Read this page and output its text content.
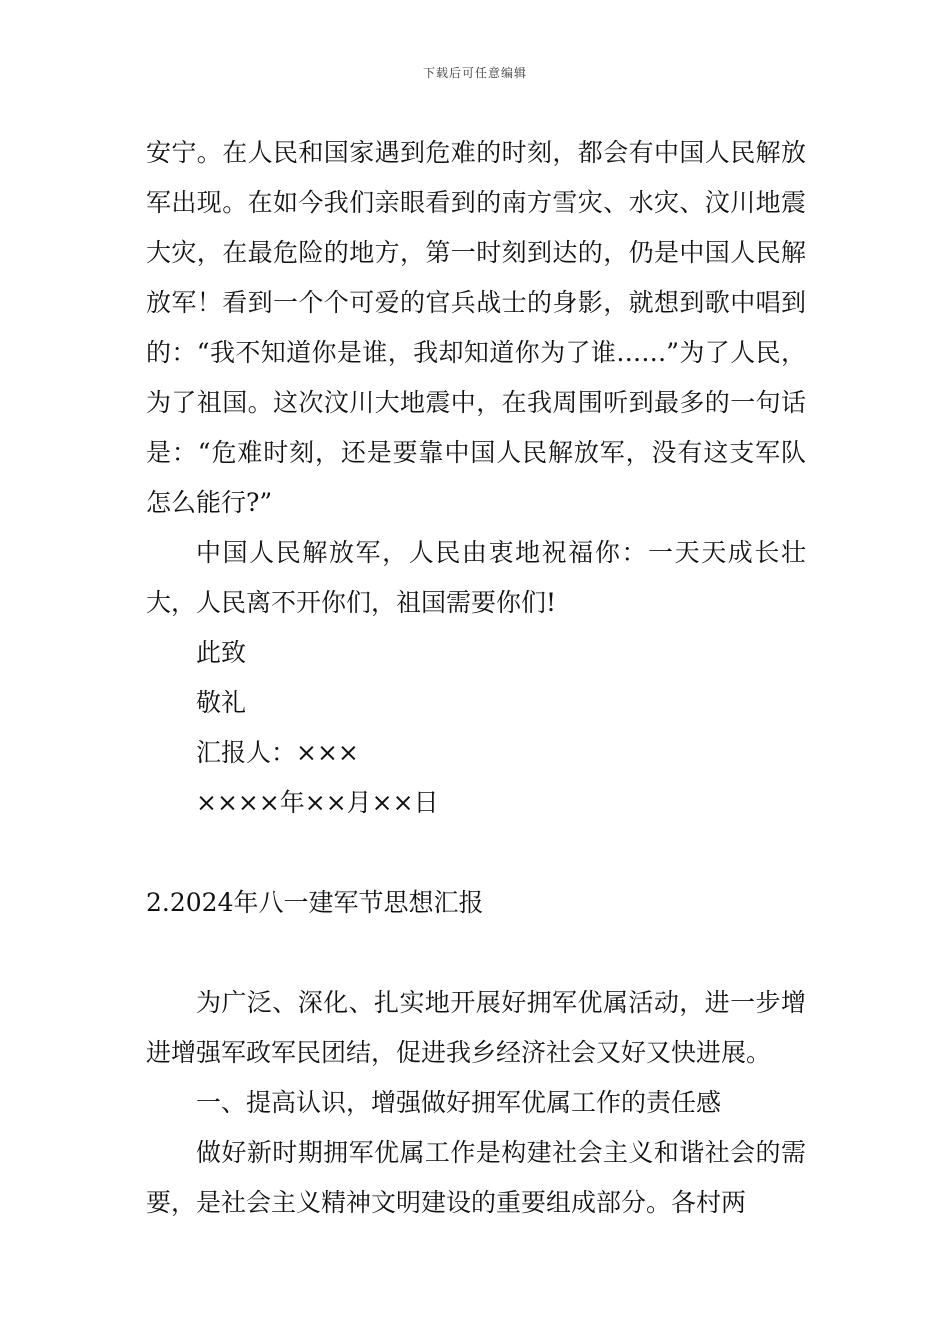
下载后可任意编辑

安宁。在人民和国家遇到危难的时刻，都会有中国人民解放军出现。在如今我们亲眼看到的南方雪灾、水灾、汶川地震大灾，在最危险的地方，第一时刻到达的，仍是中国人民解放军！看到一个个可爱的官兵战士的身影，就想到歌中唱到的：“我不知道你是谁，我却知道你为了谁……”为了人民，为了祖国。这次汶川大地震中，在我周围听到最多的一句话是：“危难时刻，还是要靠中国人民解放军，没有这支军队怎么能行?”

中国人民解放军，人民由衷地祝福你：一天天成长壮大，人民离不开你们，祖国需要你们!

此致

敬礼

汇报人：×××

××××年××月××日

2.2024年八一建军节思想汇报

为广泛、深化、扎实地开展好拥军优属活动，进一步增进增强军政军民团结，促进我乡经济社会又好又快进展。

一、提高认识，增强做好拥军优属工作的责任感

做好新时期拥军优属工作是构建社会主义和谐社会的需要，是社会主义精神文明建设的重要组成部分。各村两
